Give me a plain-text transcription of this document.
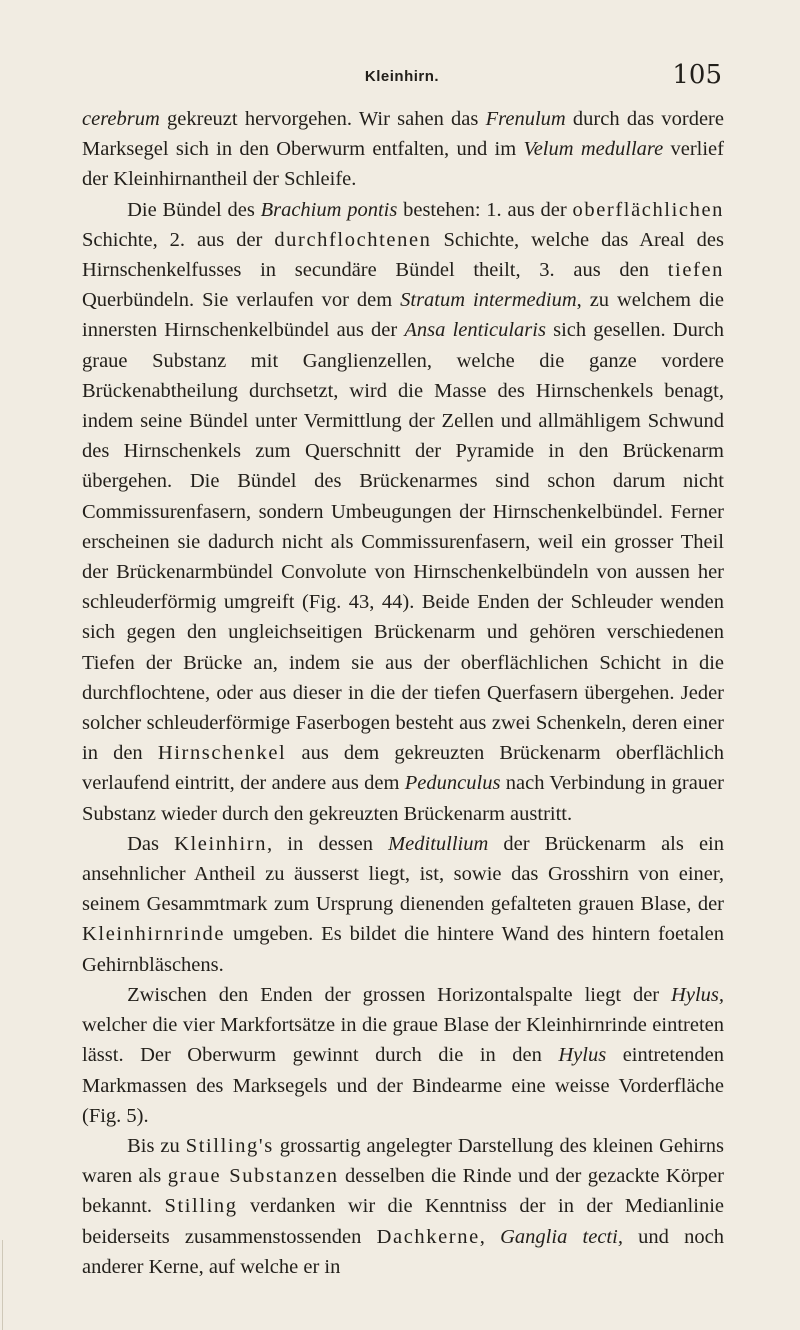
Kleinhirn.	105

cerebrum gekreuzt hervorgehen. Wir sahen das Frenulum durch das vordere Marksegel sich in den Oberwurm entfalten, und im Velum medullare verlief der Kleinhirnantheil der Schleife.

Die Bündel des Brachium pontis bestehen: 1. aus der oberflächlichen Schichte, 2. aus der durchflochtenen Schichte, welche das Areal des Hirnschenkelfusses in secundäre Bündel theilt, 3. aus den tiefen Querbündeln. Sie verlaufen vor dem Stratum intermedium, zu welchem die innersten Hirnschenkelbündel aus der Ansa lenticularis sich gesellen. Durch graue Substanz mit Ganglienzellen, welche die ganze vordere Brückenabtheilung durchsetzt, wird die Masse des Hirnschenkels benagt, indem seine Bündel unter Vermittlung der Zellen und allmähligem Schwund des Hirnschenkels zum Querschnitt der Pyramide in den Brückenarm übergehen. Die Bündel des Brückenarmes sind schon darum nicht Commissurenfasern, sondern Umbeugungen der Hirnschenkelbündel. Ferner erscheinen sie dadurch nicht als Commissurenfasern, weil ein grosser Theil der Brückenarmbündel Convolute von Hirnschenkelbündeln von aussen her schleuderförmig umgreift (Fig. 43, 44). Beide Enden der Schleuder wenden sich gegen den ungleichseitigen Brückenarm und gehören verschiedenen Tiefen der Brücke an, indem sie aus der oberflächlichen Schicht in die durchflochtene, oder aus dieser in die der tiefen Querfasern übergehen. Jeder solcher schleuderförmige Faserbogen besteht aus zwei Schenkeln, deren einer in den Hirnschenkel aus dem gekreuzten Brückenarm oberflächlich verlaufend eintritt, der andere aus dem Pedunculus nach Verbindung in grauer Substanz wieder durch den gekreuzten Brückenarm austritt.

Das Kleinhirn, in dessen Meditullium der Brückenarm als ein ansehnlicher Antheil zu äusserst liegt, ist, sowie das Grosshirn von einer, seinem Gesammtmark zum Ursprung dienenden gefalteten grauen Blase, der Kleinhirnrinde umgeben. Es bildet die hintere Wand des hintern foetalen Gehirnbläschens.

Zwischen den Enden der grossen Horizontalspalte liegt der Hylus, welcher die vier Markfortsätze in die graue Blase der Kleinhirnrinde eintreten lässt. Der Oberwurm gewinnt durch die in den Hylus eintretenden Markmassen des Marksegels und der Bindearme eine weisse Vorderfläche (Fig. 5).

Bis zu Stilling's grossartig angelegter Darstellung des kleinen Gehirns waren als graue Substanzen desselben die Rinde und der gezackte Körper bekannt. Stilling verdanken wir die Kenntniss der in der Medianlinie beiderseits zusammenstossenden Dachkerne, Ganglia tecti, und noch anderer Kerne, auf welche er in
